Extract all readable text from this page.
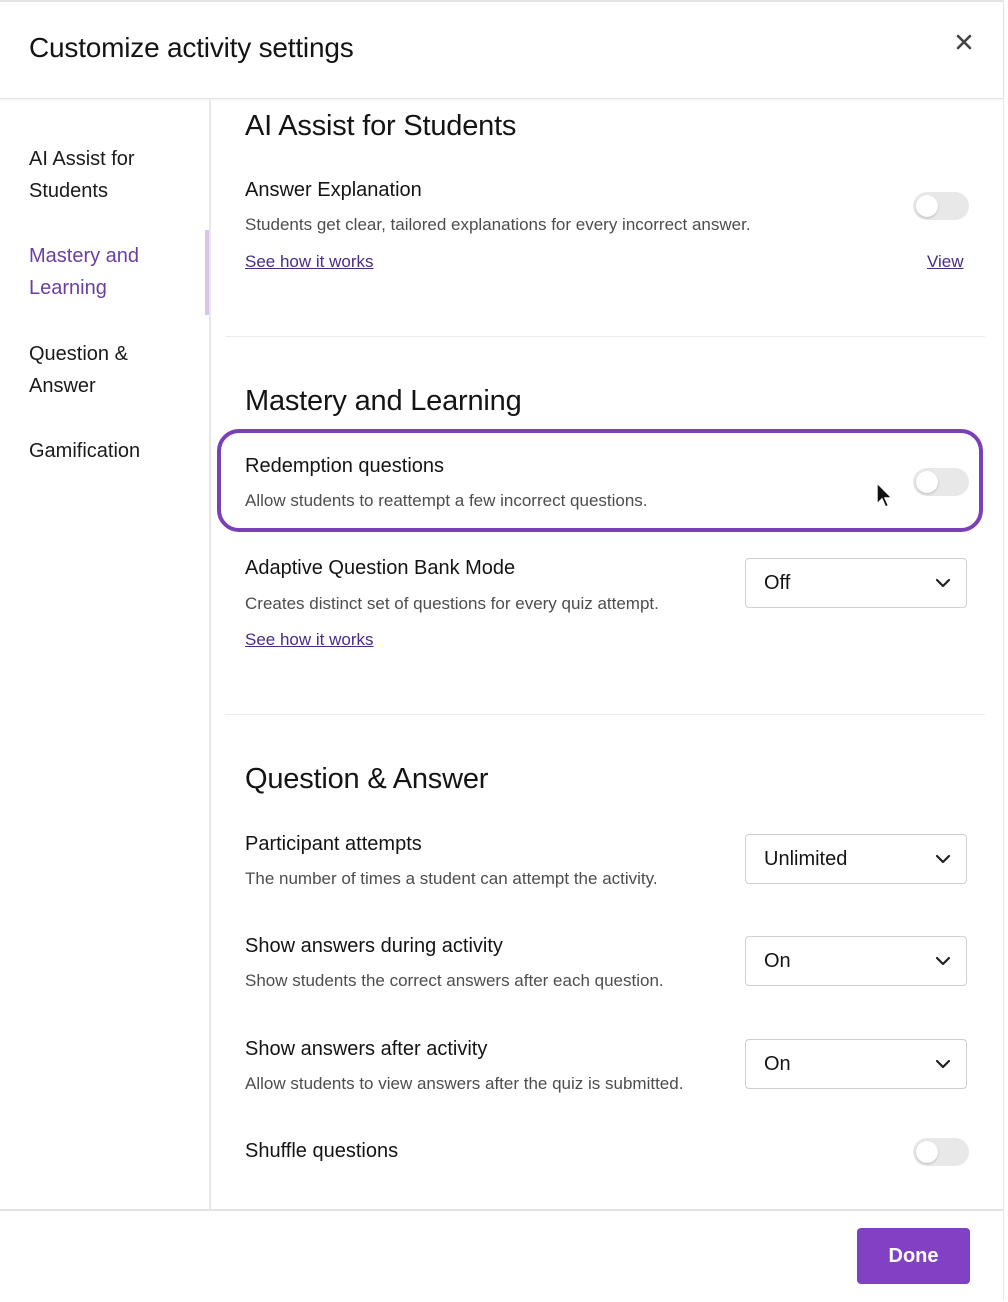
Customize activity settings
AI Assist for Students
Mastery and Learning
Question & Answer
Gamification
AI Assist for Students
Answer Explanation
Students get clear, tailored explanations for every incorrect answer.
See how it works	View
Mastery and Learning
Redemption questions
Allow students to reattempt a few incorrect questions.
Adaptive Question Bank Mode
Creates distinct set of questions for every quiz attempt.
See how it works
Off
Question & Answer
Participant attempts
The number of times a student can attempt the activity.
Unlimited
Show answers during activity
Show students the correct answers after each question.
On
Show answers after activity
Allow students to view answers after the quiz is submitted.
On
Shuffle questions
Done
